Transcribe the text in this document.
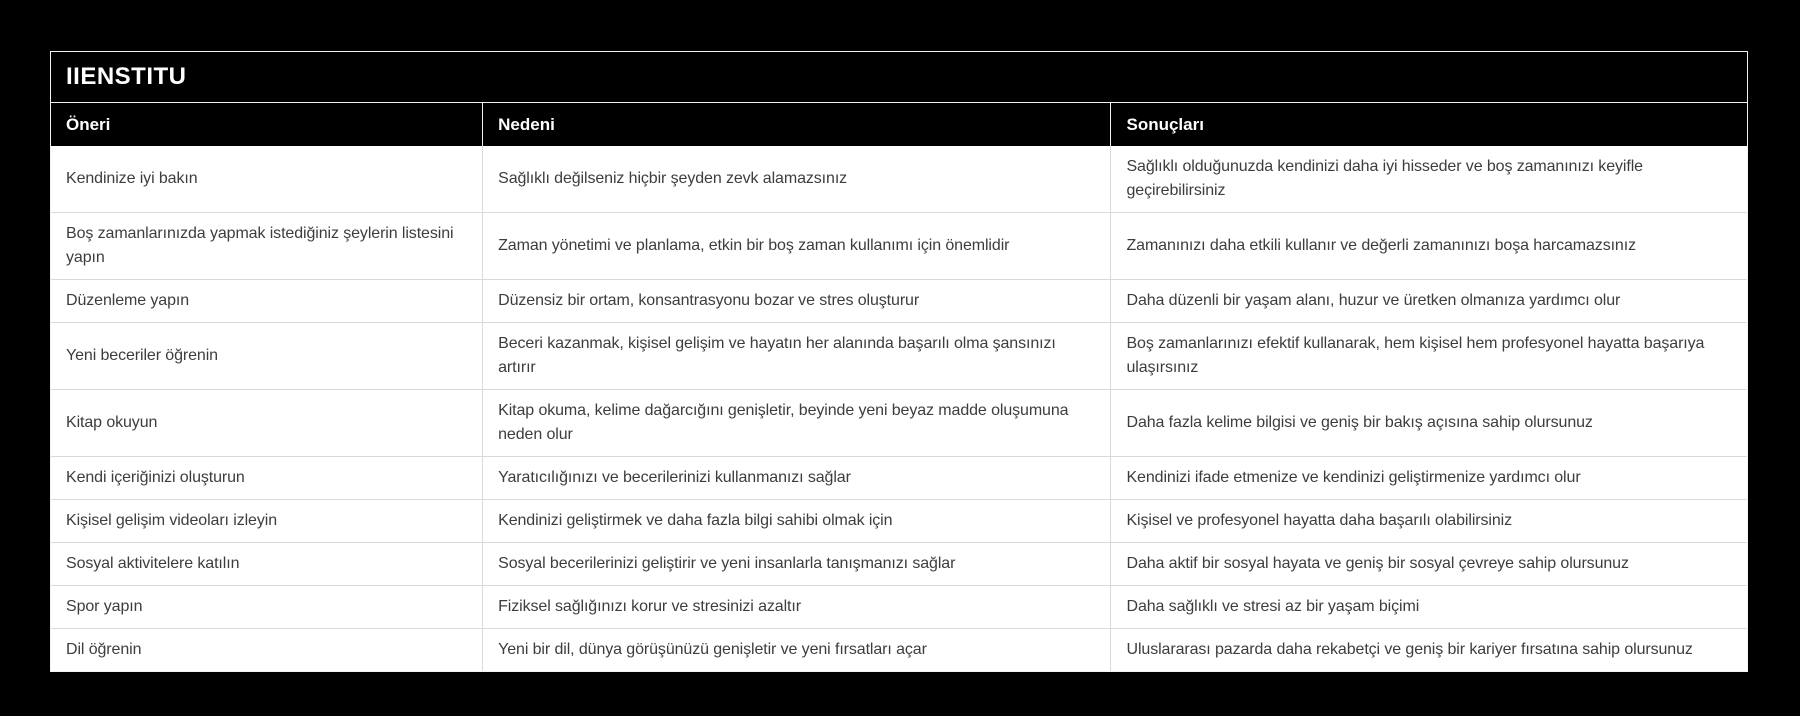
IIENSTITU
Öneri	Nedeni	Sonuçları
Kendinize iyi bakın	Sağlıklı değilseniz hiçbir şeyden zevk alamazsınız	Sağlıklı olduğunuzda kendinizi daha iyi hisseder ve boş zamanınızı keyifle geçirebilirsiniz
Boş zamanlarınızda yapmak istediğiniz şeylerin listesini yapın	Zaman yönetimi ve planlama, etkin bir boş zaman kullanımı için önemlidir	Zamanınızı daha etkili kullanır ve değerli zamanınızı boşa harcamazsınız
Düzenleme yapın	Düzensiz bir ortam, konsantrasyonu bozar ve stres oluşturur	Daha düzenli bir yaşam alanı, huzur ve üretken olmanıza yardımcı olur
Yeni beceriler öğrenin	Beceri kazanmak, kişisel gelişim ve hayatın her alanında başarılı olma şansınızı artırır	Boş zamanlarınızı efektif kullanarak, hem kişisel hem profesyonel hayatta başarıya ulaşırsınız
Kitap okuyun	Kitap okuma, kelime dağarcığını genişletir, beyinde yeni beyaz madde oluşumuna neden olur	Daha fazla kelime bilgisi ve geniş bir bakış açısına sahip olursunuz
Kendi içeriğinizi oluşturun	Yaratıcılığınızı ve becerilerinizi kullanmanızı sağlar	Kendinizi ifade etmenize ve kendinizi geliştirmenize yardımcı olur
Kişisel gelişim videoları izleyin	Kendinizi geliştirmek ve daha fazla bilgi sahibi olmak için	Kişisel ve profesyonel hayatta daha başarılı olabilirsiniz
Sosyal aktivitelere katılın	Sosyal becerilerinizi geliştirir ve yeni insanlarla tanışmanızı sağlar	Daha aktif bir sosyal hayata ve geniş bir sosyal çevreye sahip olursunuz
Spor yapın	Fiziksel sağlığınızı korur ve stresinizi azaltır	Daha sağlıklı ve stresi az bir yaşam biçimi
Dil öğrenin	Yeni bir dil, dünya görüşünüzü genişletir ve yeni fırsatları açar	Uluslararası pazarda daha rekabetçi ve geniş bir kariyer fırsatına sahip olursunuz
